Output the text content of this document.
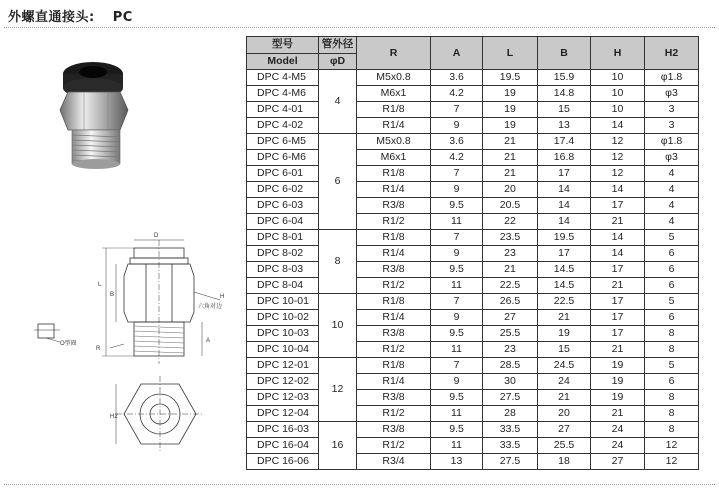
外螺直通接头: PC
D
L
B
A
R
H
六角对边
O型圈
H2
型号	管外径	R	A	L	B	H	H2
Model	φD						
DPC 4-M5	4	M5x0.8	3.6	19.5	15.9	10	φ1.8
DPC 4-M6		M6x1	4.2	19	14.8	10	φ3
DPC 4-01		R1/8	7	19	15	10	3
DPC 4-02		R1/4	9	19	13	14	3
DPC 6-M5	6	M5x0.8	3.6	21	17.4	12	φ1.8
DPC 6-M6		M6x1	4.2	21	16.8	12	φ3
DPC 6-01		R1/8	7	21	17	12	4
DPC 6-02		R1/4	9	20	14	14	4
DPC 6-03		R3/8	9.5	20.5	14	17	4
DPC 6-04		R1/2	11	22	14	21	4
DPC 8-01	8	R1/8	7	23.5	19.5	14	5
DPC 8-02		R1/4	9	23	17	14	6
DPC 8-03		R3/8	9.5	21	14.5	17	6
DPC 8-04		R1/2	11	22.5	14.5	21	6
DPC 10-01	10	R1/8	7	26.5	22.5	17	5
DPC 10-02		R1/4	9	27	21	17	6
DPC 10-03		R3/8	9.5	25.5	19	17	8
DPC 10-04		R1/2	11	23	15	21	8
DPC 12-01	12	R1/8	7	28.5	24.5	19	5
DPC 12-02		R1/4	9	30	24	19	6
DPC 12-03		R3/8	9.5	27.5	21	19	8
DPC 12-04		R1/2	11	28	20	21	8
DPC 16-03	16	R3/8	9.5	33.5	27	24	8
DPC 16-04		R1/2	11	33.5	25.5	24	12
DPC 16-06		R3/4	13	27.5	18	27	12
